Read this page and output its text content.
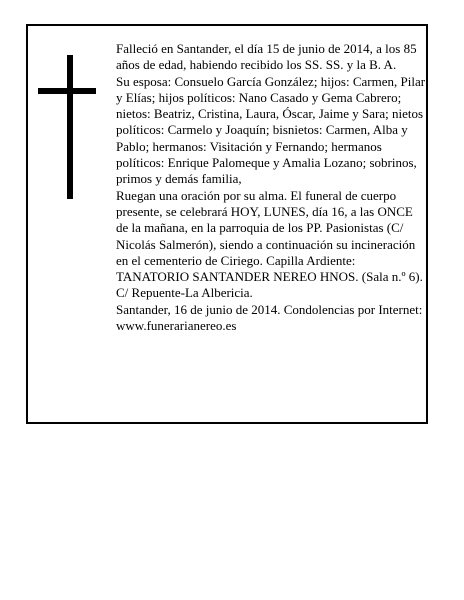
Falleció en Santander, el día 15 de junio de 2014, a los 85 años de edad, habiendo recibido los SS. SS. y la B. A.

Su esposa: Consuelo García González; hijos: Carmen, Pilar y Elías; hijos políticos: Nano Casado y Gema Cabrero; nietos: Beatriz, Cristina, Laura, Óscar, Jaime y Sara; nietos políticos: Carmelo y Joaquín; bisnietos: Carmen, Alba y Pablo; hermanos: Visitación y Fernando; hermanos políticos: Enrique Palomeque y Amalia Lozano; sobrinos, primos y demás familia,

Ruegan una oración por su alma. El funeral de cuerpo presente, se celebrará HOY, LUNES, día 16, a las ONCE de la mañana, en la parroquia de los PP. Pasionistas (C/ Nicolás Salmerón), siendo a continuación su incineración en el cementerio de Ciriego. Capilla Ardiente: TANATORIO SANTANDER NEREO HNOS. (Sala n.º 6). C/ Repuente-La Albericia.

Santander, 16 de junio de 2014. Condolencias por Internet: www.funerarianereo.es
